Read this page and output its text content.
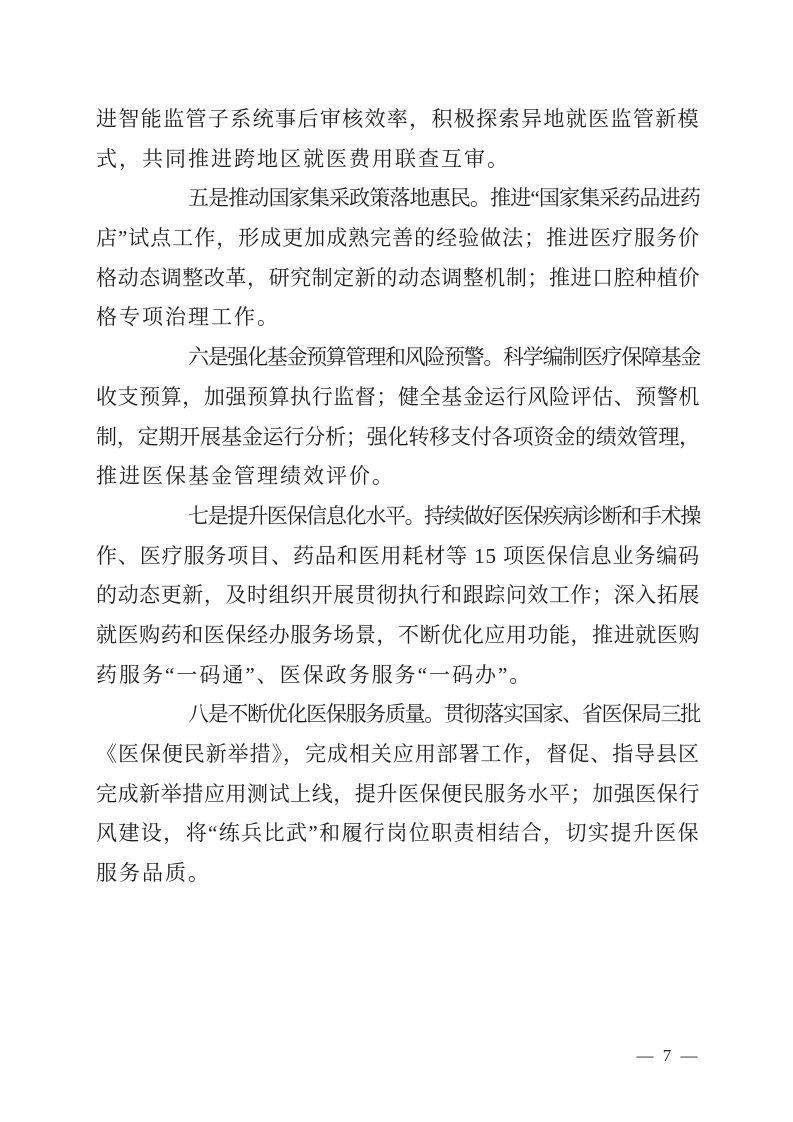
进智能监管子系统事后审核效率，积极探索异地就医监管新模
式，共同推进跨地区就医费用联查互审。
五是推动国家集采政策落地惠民。推进“国家集采药品进药
店”试点工作，形成更加成熟完善的经验做法；推进医疗服务价
格动态调整改革，研究制定新的动态调整机制；推进口腔种植价
格专项治理工作。
六是强化基金预算管理和风险预警。科学编制医疗保障基金
收支预算，加强预算执行监督；健全基金运行风险评估、预警机
制，定期开展基金运行分析；强化转移支付各项资金的绩效管理，
推进医保基金管理绩效评价。
七是提升医保信息化水平。持续做好医保疾病诊断和手术操
作、医疗服务项目、药品和医用耗材等 15 项医保信息业务编码
的动态更新，及时组织开展贯彻执行和跟踪问效工作；深入拓展
就医购药和医保经办服务场景，不断优化应用功能，推进就医购
药服务“一码通”、医保政务服务“一码办”。
八是不断优化医保服务质量。贯彻落实国家、省医保局三批
《医保便民新举措》，完成相关应用部署工作，督促、指导县区
完成新举措应用测试上线，提升医保便民服务水平；加强医保行
风建设，将“练兵比武”和履行岗位职责相结合，切实提升医保
服务品质。
— 7 —
